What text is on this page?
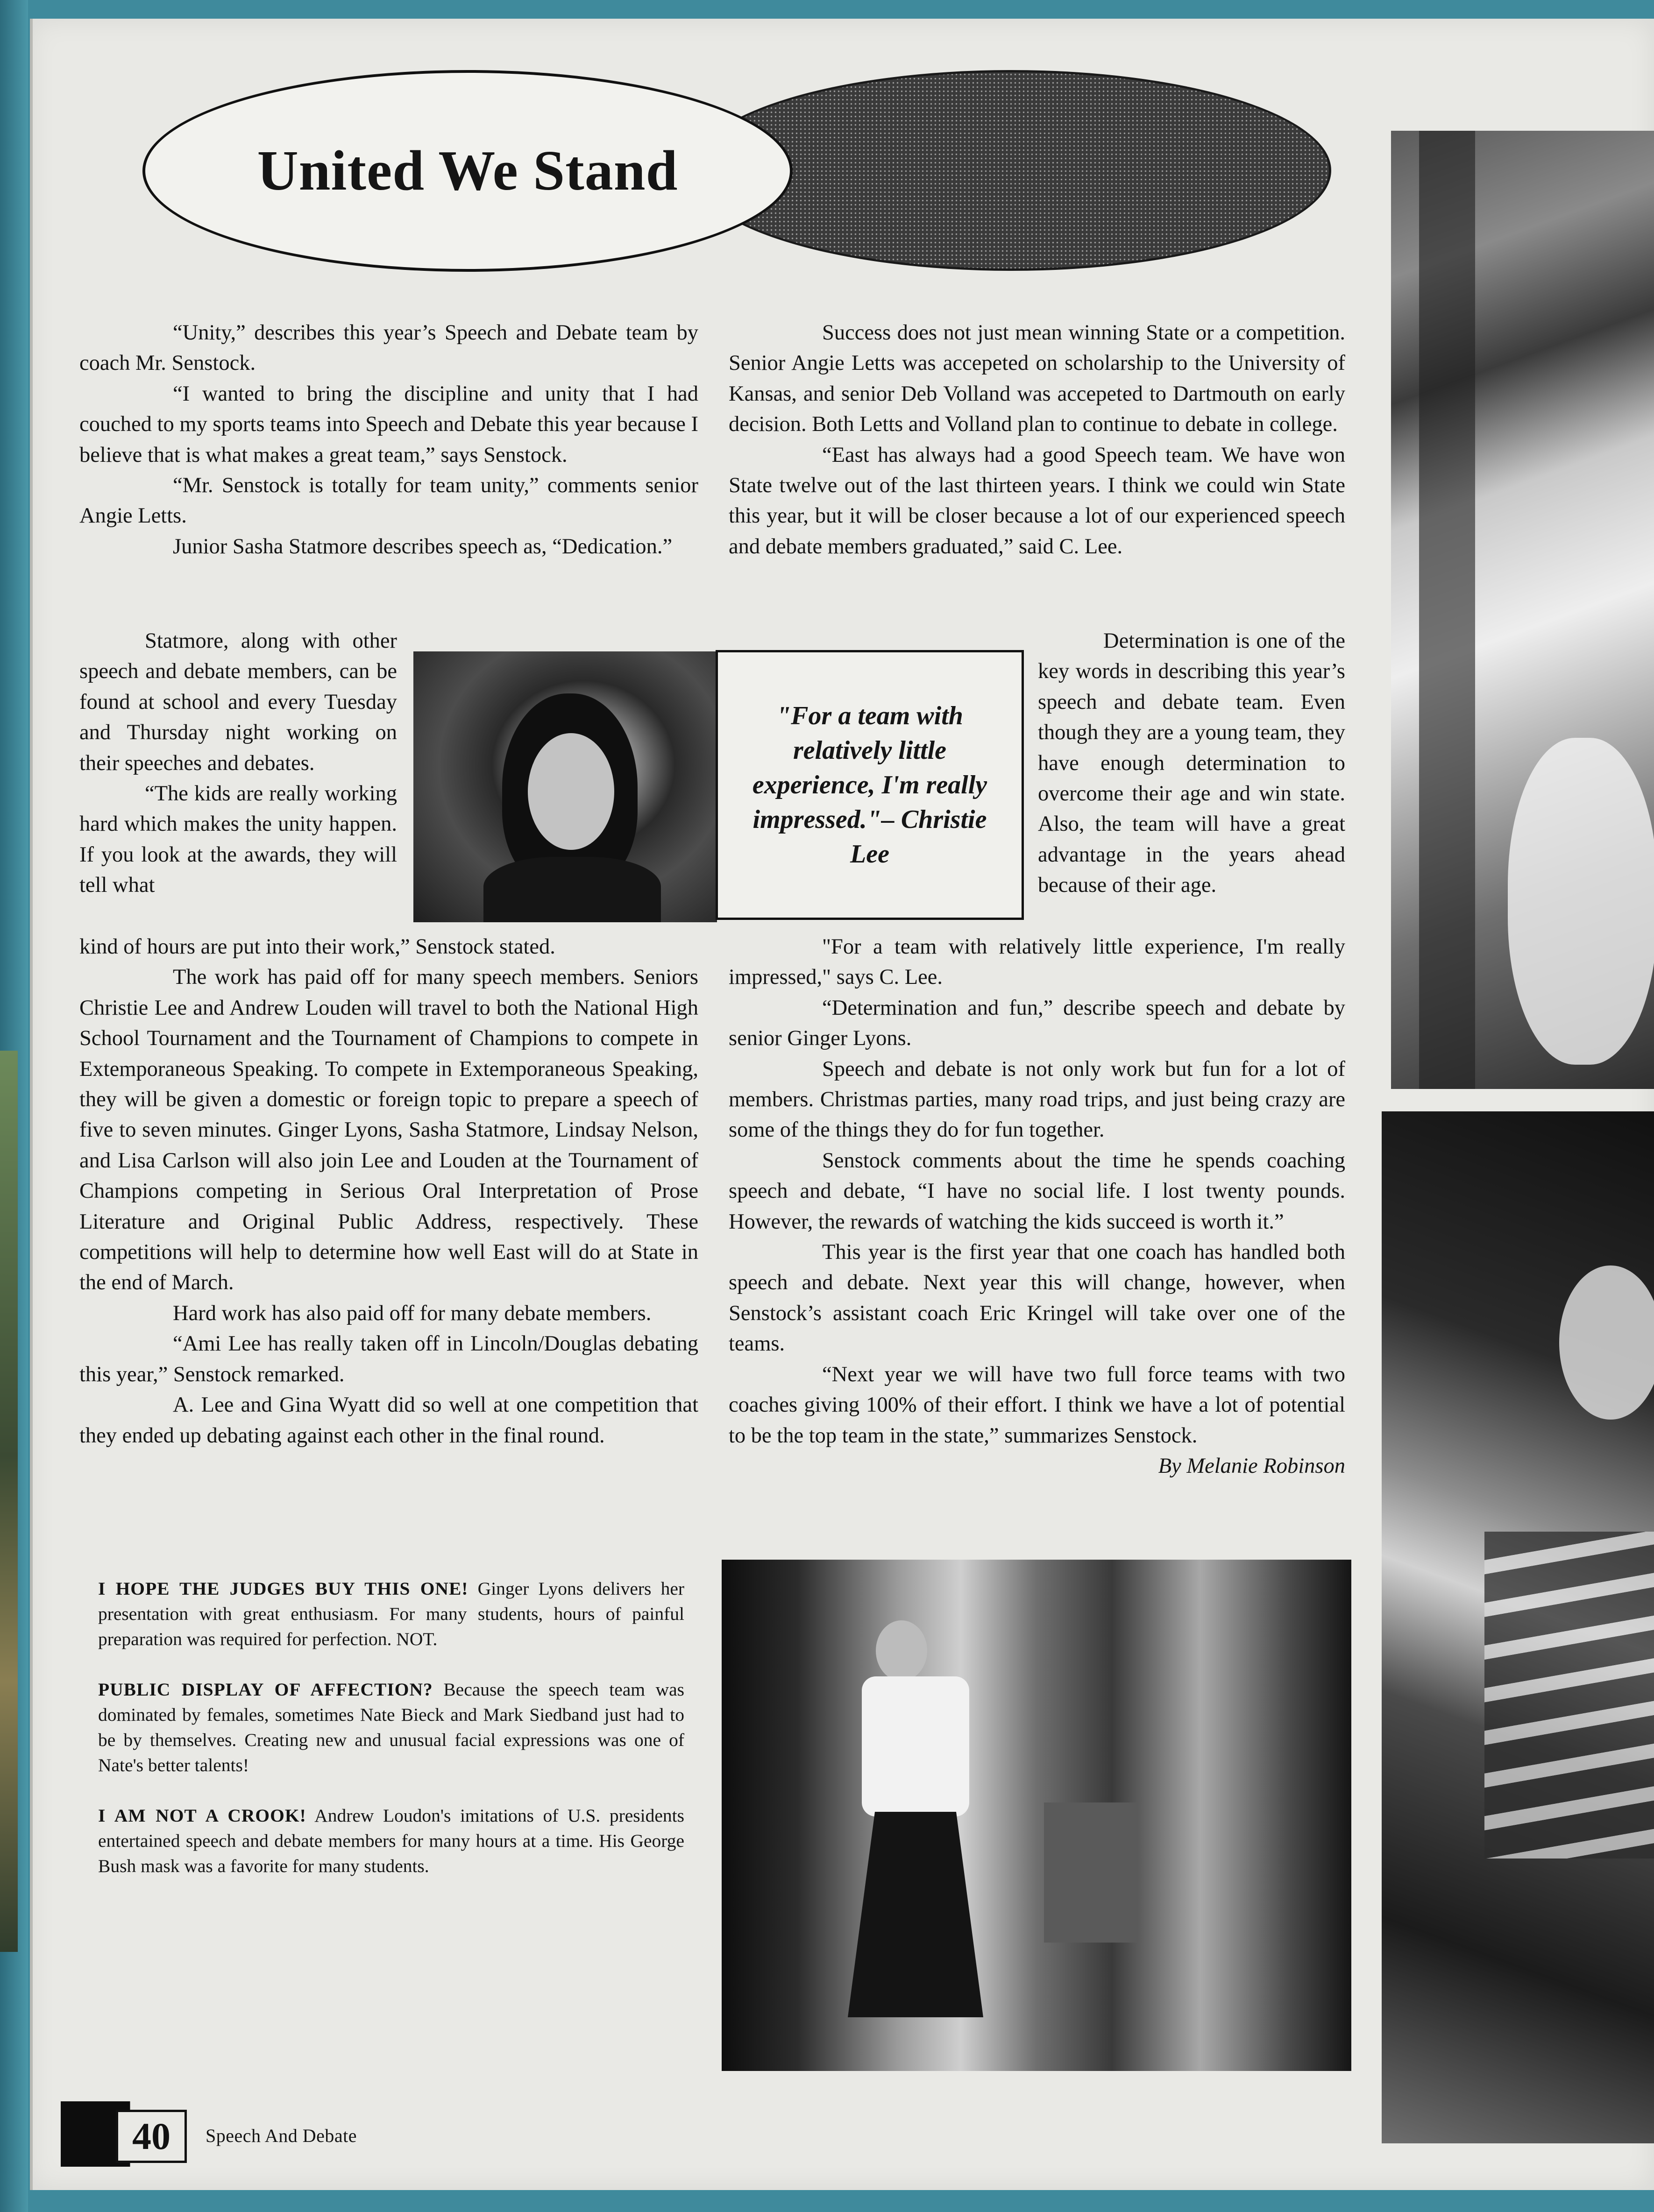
United We Stand

“Unity,” describes this year’s Speech and Debate team by coach Mr. Senstock.

“I wanted to bring the discipline and unity that I had couched to my sports teams into Speech and Debate this year because I believe that is what makes a great team,” says Senstock.

“Mr. Senstock is totally for team unity,” comments senior Angie Letts.

Junior Sasha Statmore describes speech as, “Dedication.”

Statmore, along with other speech and debate members, can be found at school and every Tuesday and Thursday night working on their speeches and debates.

“The kids are really working hard which makes the unity happen. If you look at the awards, they will tell what

kind of hours are put into their work,” Senstock stated.

The work has paid off for many speech members. Seniors Christie Lee and Andrew Louden will travel to both the National High School Tournament and the Tournament of Champions to compete in Extemporaneous Speaking. To compete in Extemporaneous Speaking, they will be given a domestic or foreign topic to prepare a speech of five to seven minutes. Ginger Lyons, Sasha Statmore, Lindsay Nelson, and Lisa Carlson will also join Lee and Louden at the Tournament of Champions competing in Serious Oral Interpretation of Prose Literature and Original Public Address, respectively. These competitions will help to determine how well East will do at State in the end of March.

Hard work has also paid off for many debate members.

“Ami Lee has really taken off in Lincoln/Douglas debating this year,” Senstock remarked.

A. Lee and Gina Wyatt did so well at one competition that they ended up debating against each other in the final round.

Success does not just mean winning State or a competition. Senior Angie Letts was accepeted on scholarship to the University of Kansas, and senior Deb Volland was accepeted to Dartmouth on early decision. Both Letts and Volland plan to continue to debate in college.

“East has always had a good Speech team. We have won State twelve out of the last thirteen years. I think we could win State this year, but it will be closer because a lot of our experienced speech and debate members graduated,” said C. Lee.

"For a team with relatively little experience, I'm really impressed."– Christie Lee

Determination is one of the key words in describing this year’s speech and debate team. Even though they are a young team, they have enough determination to overcome their age and win state. Also, the team will have a great advantage in the years ahead because of their age.

"For a team with relatively little experience, I'm really impressed," says C. Lee.

“Determination and fun,” describe speech and debate by senior Ginger Lyons.

Speech and debate is not only work but fun for a lot of members. Christmas parties, many road trips, and just being crazy are some of the things they do for fun together.

Senstock comments about the time he spends coaching speech and debate, “I have no social life. I lost twenty pounds. However, the rewards of watching the kids succeed is worth it.”

This year is the first year that one coach has handled both speech and debate. Next year this will change, however, when Senstock’s assistant coach Eric Kringel will take over one of the teams.

“Next year we will have two full force teams with two coaches giving 100% of their effort. I think we have a lot of potential to be the top team in the state,” summarizes Senstock.

By Melanie Robinson

I HOPE THE JUDGES BUY THIS ONE! Ginger Lyons delivers her presentation with great enthusiasm. For many students, hours of painful preparation was required for perfection. NOT.
PUBLIC DISPLAY OF AFFECTION? Because the speech team was dominated by females, sometimes Nate Bieck and Mark Siedband just had to be by themselves. Creating new and unusual facial expressions was one of Nate's better talents!
I AM NOT A CROOK! Andrew Loudon's imitations of U.S. presidents entertained speech and debate members for many hours at a time. His George Bush mask was a favorite for many students.
40	Speech And Debate
